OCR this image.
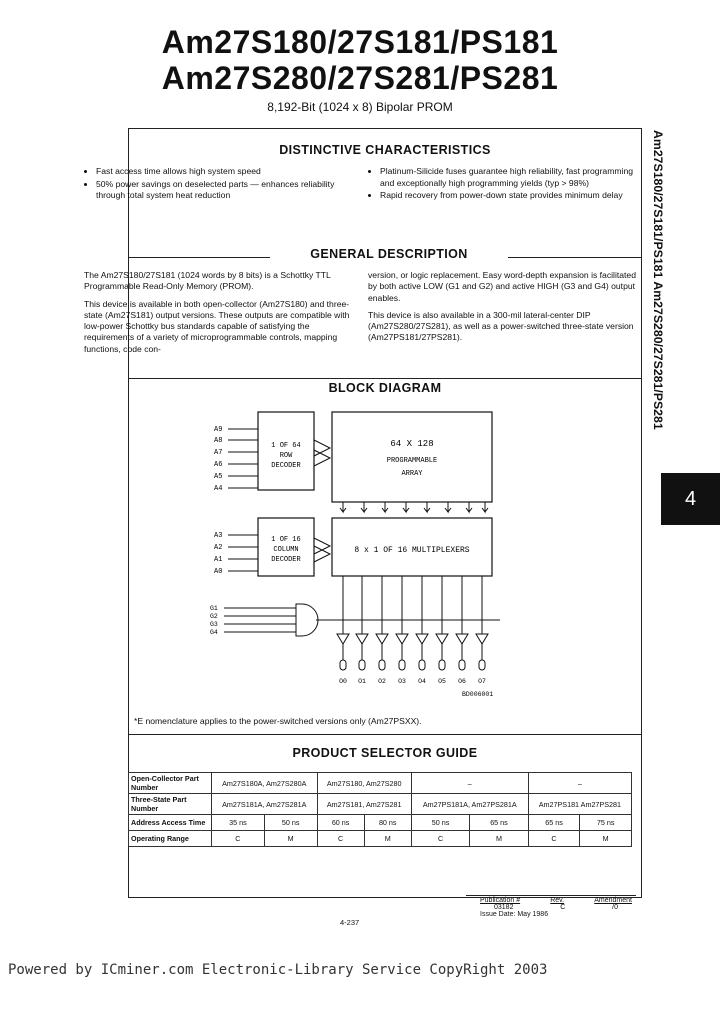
Am27S180/27S181/PS181
Am27S280/27S281/PS281
8,192-Bit (1024 x 8) Bipolar PROM
Am27S180/27S181/PS181 Am27S280/27S281/PS281
4
DISTINCTIVE CHARACTERISTICS
• Fast access time allows high system speed
• 50% power savings on deselected parts — enhances reliability through total system heat reduction
• Platinum-Silicide fuses guarantee high reliability, fast programming and exceptionally high programming yields (typ > 98%)
• Rapid recovery from power-down state provides minimum delay
GENERAL DESCRIPTION

The Am27S180/27S181 (1024 words by 8 bits) is a Schottky TTL Programmable Read-Only Memory (PROM).

This device is available in both open-collector (Am27S180) and three-state (Am27S181) output versions. These outputs are compatible with low-power Schottky bus standards capable of satisfying the requirements of a variety of microprogrammable controls, mapping functions, code con-

version, or logic replacement. Easy word-depth expansion is facilitated by both active LOW (G1 and G2) and active HIGH (G3 and G4) output enables.

This device is also available in a 300-mil lateral-center DIP (Am27S280/27S281), as well as a power-switched three-state version (Am27PS181/27PS281).

BLOCK DIAGRAM
1 OF 64
ROW
DECODER
64 X 128
PROGRAMMABLE
ARRAY
1 OF 16
COLUMN
DECODER
8 x 1 OF 16 MULTIPLEXERS
A9
A8
A7
A6
A5
A4
A3
A2
A1
A0
G1
G2
G3
G4
O0 O1 O2 O3 O4 O5 O6 O7
BD006001
*E nomenclature applies to the power-switched versions only (Am27PSXX).
PRODUCT SELECTOR GUIDE
Open-Collector Part Number	Am27S180A, Am27S280A		Am27S180, Am27S280		–		–	
Three-State Part Number	Am27S181A, Am27S281A		Am27S181, Am27S281		Am27PS181A, Am27PS281A		Am27PS181 Am27PS281	
Address Access Time	35 ns	50 ns	60 ns	80 ns	50 ns	65 ns	65 ns	75 ns
Operating Range	C	M	C	M	C	M	C	M
Publication #	Rev.	Amendment
03182	C	/0
Issue Date: May 1986
4-237
Powered by ICminer.com Electronic-Library Service CopyRight 2003
